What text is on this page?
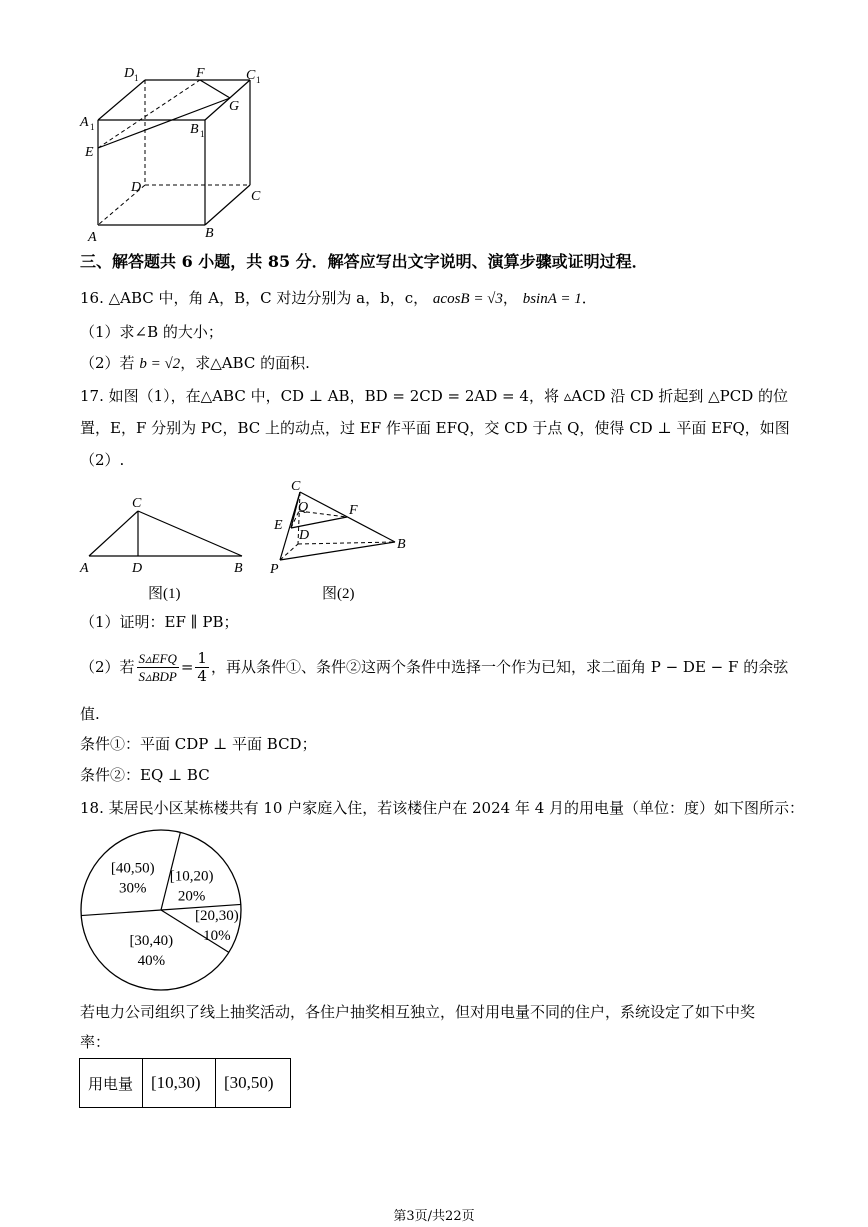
D 1	F	C 1
G
A 1	B 1
E
D
C
A	B
三、解答题共 6 小题，共 85 分．解答应写出文字说明、演算步骤或证明过程．
16. △ABC 中，角 A，B，C 对边分别为 a，b，c， acosB = √3， bsinA = 1．
（1）求∠B 的大小；
（2）若 b = √2，求△ABC 的面积.
17. 如图（1），在△ABC 中，CD ⊥ AB，BD = 2CD = 2AD = 4，将 ▵ACD 沿 CD 折起到 △PCD 的位
置，E，F 分别为 PC，BC 上的动点，过 EF 作平面 EFQ，交 CD 于点 Q，使得 CD ⊥ 平面 EFQ，如图
（2）.
C
A	D	B
图(1)
C
Q	F
E
D
B
P
图(2)
（1）证明：EF ∥ PB；
（2）若 $\frac{\text{S▵EFQ}}{\text{S▵BDP}} = \frac{1}{4}$ ，再从条件①、条件②这两个条件中选择一个作为已知，求二面角 P − DE − F 的余弦
值.
条件①：平面 CDP ⊥ 平面 BCD；
条件②：EQ ⊥ BC
18. 某居民小区某栋楼共有 10 户家庭入住，若该楼住户在 2024 年 4 月的用电量（单位：度）如下图所示：
[10,20)
20%
[20,30)
10%
[30,40)
40%
[40,50)
30%
若电力公司组织了线上抽奖活动，各住户抽奖相互独立，但对用电量不同的住户，系统设定了如下中奖
率：
用电量	[10,30)	[30,50)
第3页/共22页
